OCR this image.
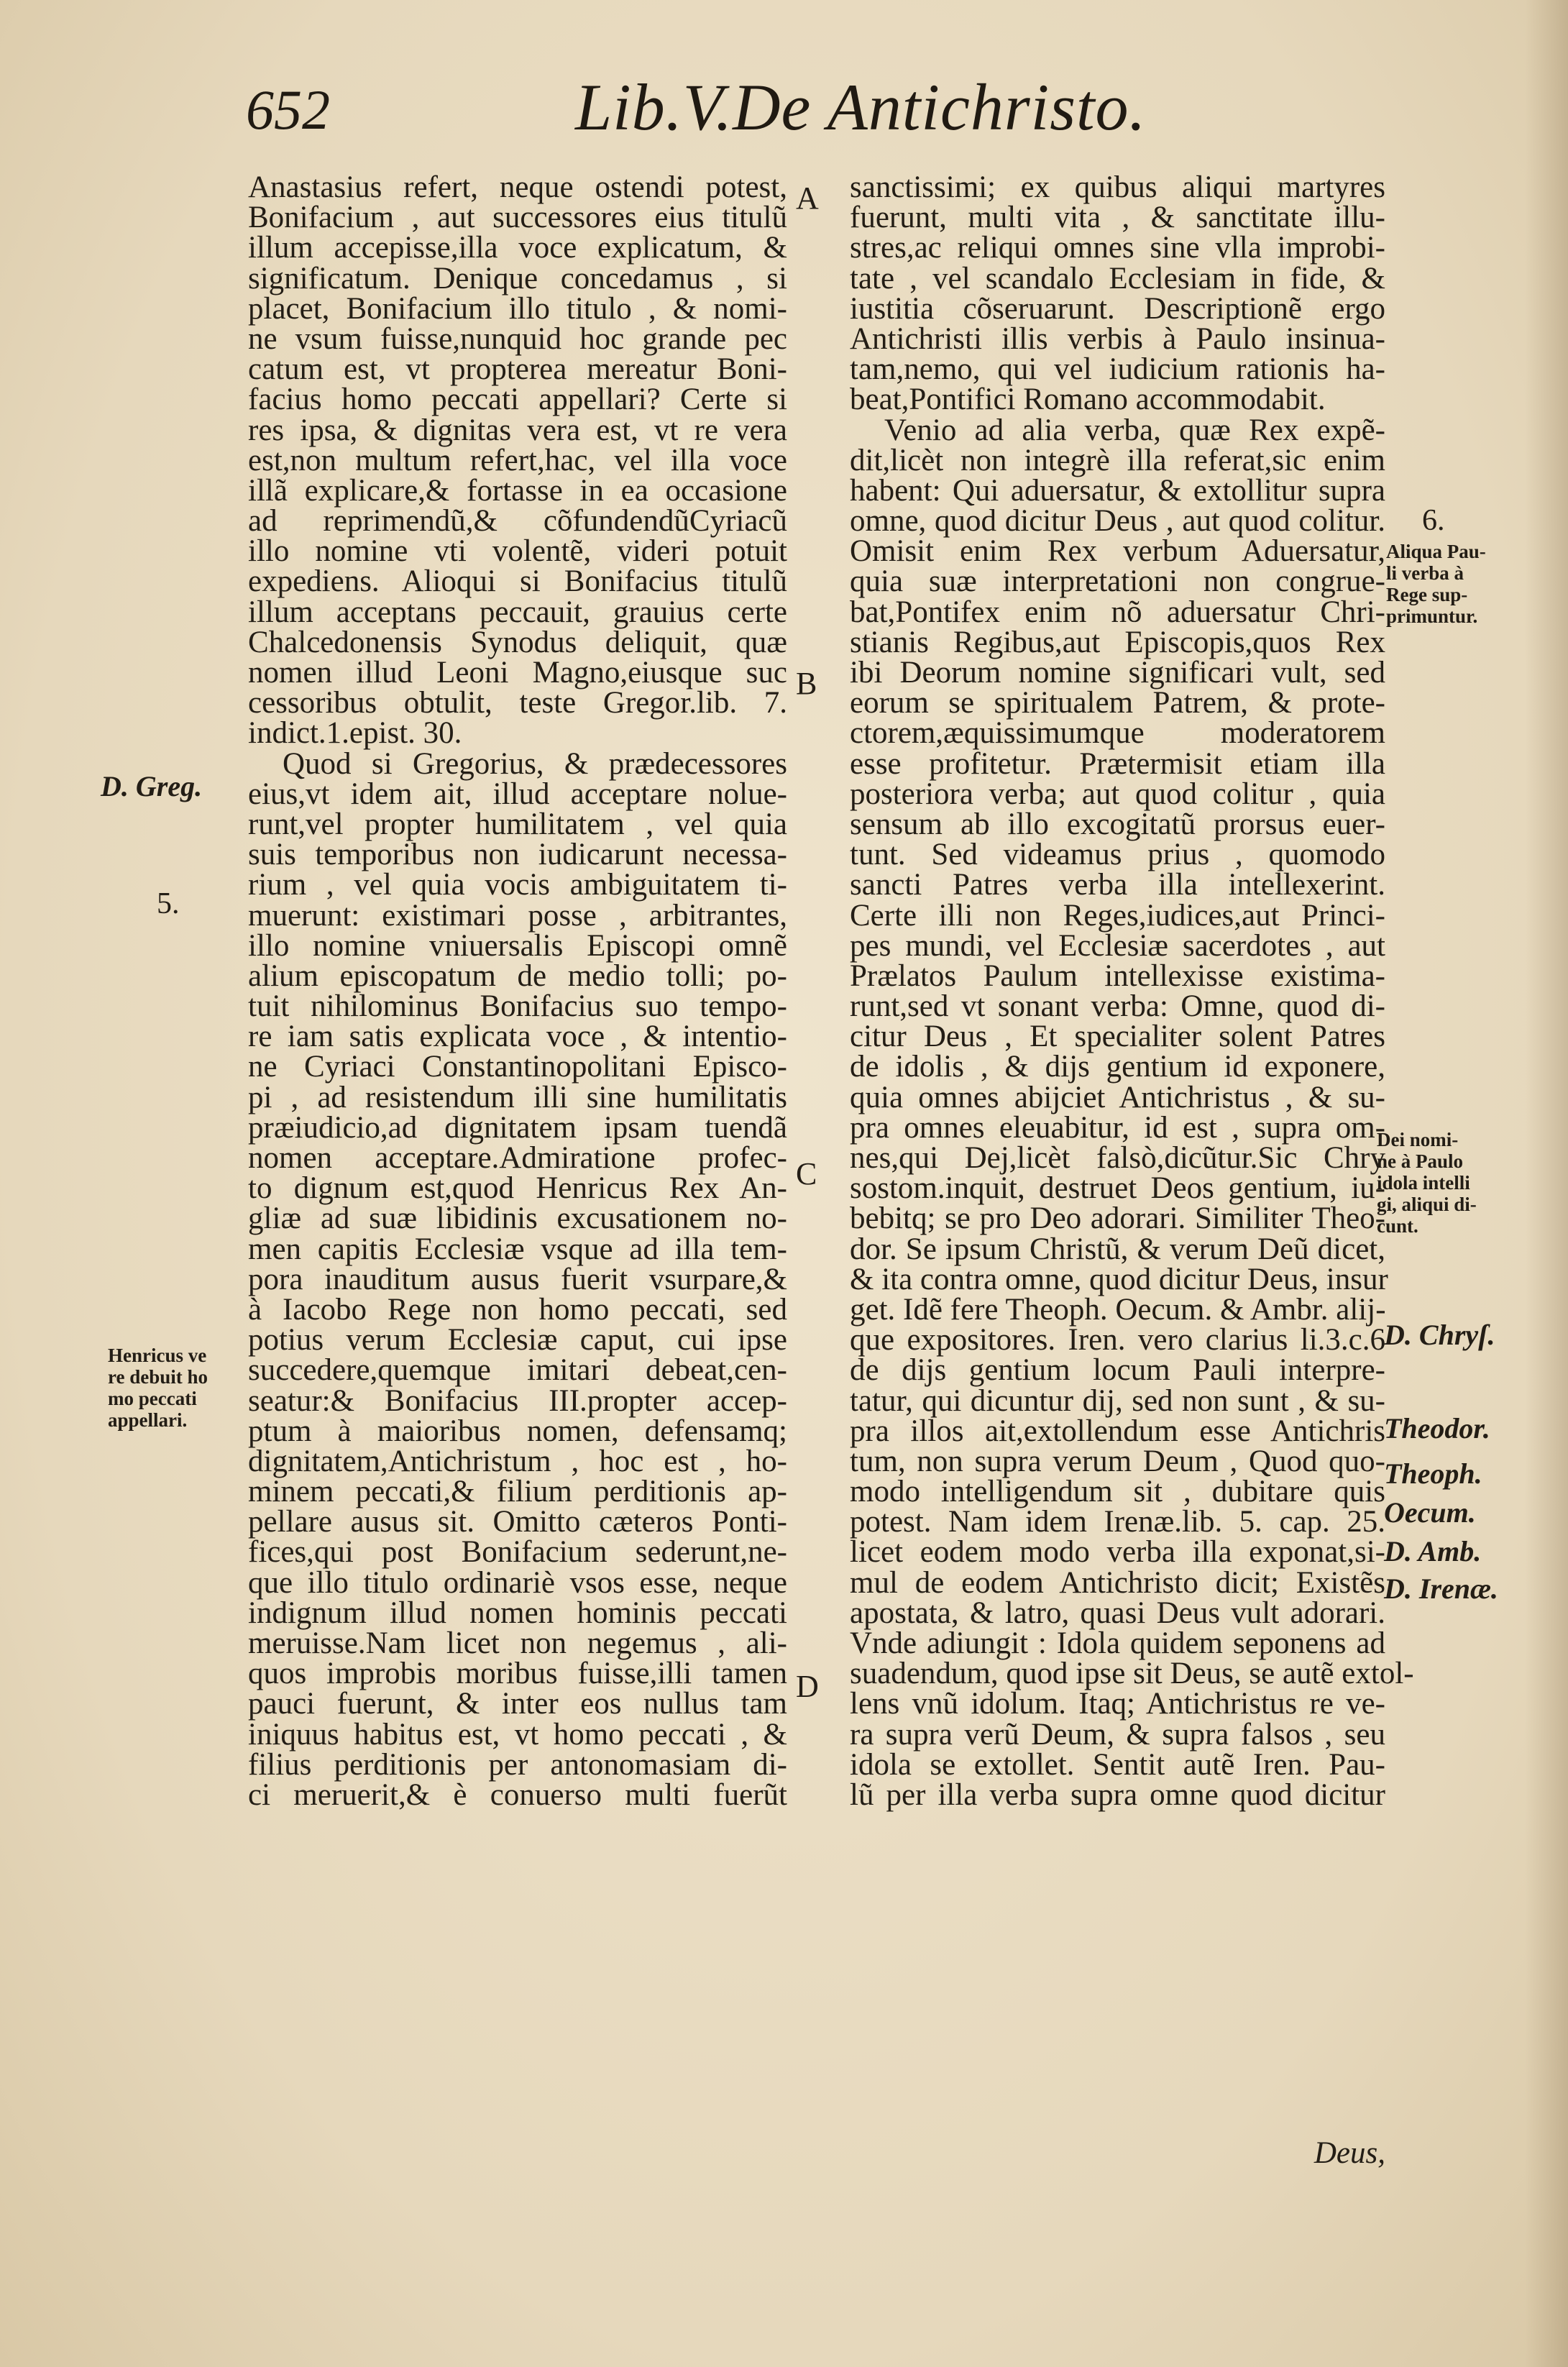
652	Lib.V.De Antichristo.
Anastasius refert, neque ostendi potest,
Bonifacium , aut successores eius titulũ
illum accepisse,illa voce explicatum, &
significatum. Denique concedamus , si
placet, Bonifacium illo titulo , & nomi-
ne vsum fuisse,nunquid hoc grande pec
catum est, vt propterea mereatur Boni-
facius homo peccati appellari? Certe si
res ipsa, & dignitas vera est, vt re vera
est,non multum refert,hac, vel illa voce
illã explicare,& fortasse in ea occasione
ad reprimendũ,& cõfundendũCyriacũ
illo nomine vti volentẽ, videri potuit
expediens. Alioqui si Bonifacius titulũ
illum acceptans peccauit, grauius certe
Chalcedonensis Synodus deliquit, quæ
nomen illud Leoni Magno,eiusque suc
cessoribus obtulit, teste Gregor.lib. 7.
indict.1.epist. 30.
Quod si Gregorius, & prædecessores
eius,vt idem ait, illud acceptare nolue-
runt,vel propter humilitatem , vel quia
suis temporibus non iudicarunt necessa-
rium , vel quia vocis ambiguitatem ti-
muerunt: existimari posse , arbitrantes,
illo nomine vniuersalis Episcopi omnẽ
alium episcopatum de medio tolli; po-
tuit nihilominus Bonifacius suo tempo-
re iam satis explicata voce , & intentio-
ne Cyriaci Constantinopolitani Episco-
pi , ad resistendum illi sine humilitatis
præiudicio,ad dignitatem ipsam tuendã
nomen acceptare.Admiratione profec-
to dignum est,quod Henricus Rex An-
gliæ ad suæ libidinis excusationem no-
men capitis Ecclesiæ vsque ad illa tem-
pora inauditum ausus fuerit vsurpare,&
à Iacobo Rege non homo peccati, sed
potius verum Ecclesiæ caput, cui ipse
succedere,quemque imitari debeat,cen-
seatur:& Bonifacius III.propter accep-
ptum à maioribus nomen, defensamq;
dignitatem,Antichristum , hoc est , ho-
minem peccati,& filium perditionis ap-
pellare ausus sit. Omitto cæteros Ponti-
fices,qui post Bonifacium sederunt,ne-
que illo titulo ordinariè vsos esse, neque
indignum illud nomen hominis peccati
meruisse.Nam licet non negemus , ali-
quos improbis moribus fuisse,illi tamen
pauci fuerunt, & inter eos nullus tam
iniquus habitus est, vt homo peccati , &
filius perditionis per antonomasiam di-
ci meruerit,& è conuerso multi fuerũt
sanctissimi; ex quibus aliqui martyres
fuerunt, multi vita , & sanctitate illu-
stres,ac reliqui omnes sine vlla improbi-
tate , vel scandalo Ecclesiam in fide, &
iustitia cõseruarunt. Descriptionẽ ergo
Antichristi illis verbis à Paulo insinua-
tam,nemo, qui vel iudicium rationis ha-
beat,Pontifici Romano accommodabit.
Venio ad alia verba, quæ Rex expẽ-
dit,licèt non integrè illa referat,sic enim
habent: Qui aduersatur, & extollitur supra
omne, quod dicitur Deus , aut quod colitur.
Omisit enim Rex verbum Aduersatur,
quia suæ interpretationi non congrue-
bat,Pontifex enim nõ aduersatur Chri-
stianis Regibus,aut Episcopis,quos Rex
ibi Deorum nomine significari vult, sed
eorum se spiritualem Patrem, & prote-
ctorem,æquissimumque moderatorem
esse profitetur. Prætermisit etiam illa
posteriora verba; aut quod colitur , quia
sensum ab illo excogitatũ prorsus euer-
tunt. Sed videamus prius , quomodo
sancti Patres verba illa intellexerint.
Certe illi non Reges,iudices,aut Princi-
pes mundi, vel Ecclesiæ sacerdotes , aut
Prælatos Paulum intellexisse existima-
runt,sed vt sonant verba: Omne, quod di-
citur Deus , Et specialiter solent Patres
de idolis , & dijs gentium id exponere,
quia omnes abijciet Antichristus , & su-
pra omnes eleuabitur, id est , supra om-
nes,qui Dej,licèt falsò,dicũtur.Sic Chry
sostom.inquit, destruet Deos gentium, iu-
bebitq; se pro Deo adorari. Similiter Theo-
dor. Se ipsum Christũ, & verum Deũ dicet,
& ita contra omne, quod dicitur Deus, insur
get. Idẽ fere Theoph. Oecum. & Ambr. alij-
que expositores. Iren. vero clarius li.3.c.6
de dijs gentium locum Pauli interpre-
tatur, qui dicuntur dij, sed non sunt , & su-
pra illos ait,extollendum esse Antichris
tum, non supra verum Deum , Quod quo-
modo intelligendum sit , dubitare quis
potest. Nam idem Irenæ.lib. 5. cap. 25.
licet eodem modo verba illa exponat,si-
mul de eodem Antichristo dicit; Existẽs
apostata, & latro, quasi Deus vult adorari.
Vnde adiungit : Idola quidem seponens ad
suadendum, quod ipse sit Deus, se autẽ extol-
lens vnũ idolum. Itaq; Antichristus re ve-
ra supra verũ Deum, & supra falsos , seu
idola se extollet. Sentit autẽ Iren. Pau-
lũ per illa verba supra omne quod dicitur
A
B
C
D
D. Greg.
5.
Henricus ve
re debuit ho
mo peccati
appellari.
6.
Aliqua Pau-
li verba à
Rege sup-
primuntur.
Dei nomi-
ne à Paulo
idola intelli
gi, aliqui di-
cunt.
D. Chryſ.
Theodor.
Theoph.
Oecum.
D. Amb.
D. Irenæ.
Deus,
